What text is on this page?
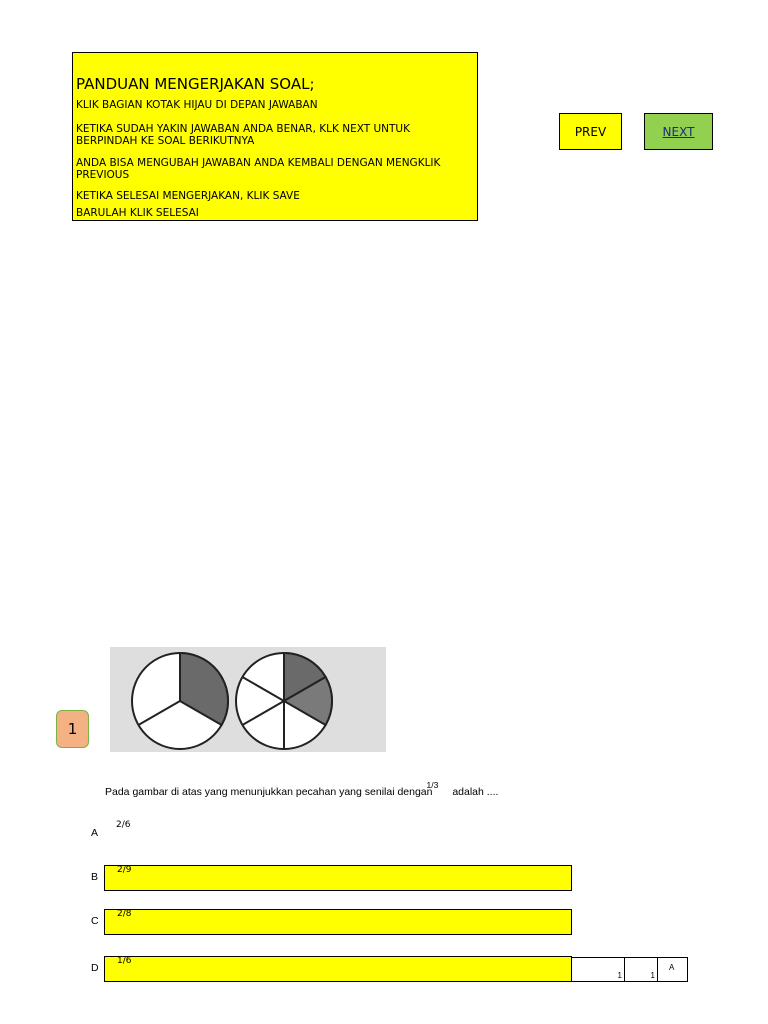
PANDUAN MENGERJAKAN SOAL;
KLIK BAGIAN KOTAK HIJAU DI DEPAN JAWABAN
KETIKA SUDAH YAKIN JAWABAN ANDA BENAR, KLK NEXT UNTUK BERPINDAH KE SOAL BERIKUTNYA
ANDA BISA MENGUBAH JAWABAN ANDA KEMBALI DENGAN MENGKLIK PREVIOUS
KETIKA SELESAI MENGERJAKAN, KLIK SAVE
BARULAH KLIK SELESAI
PREV	NEXT
1
Pada gambar di atas yang menunjukkan pecahan yang senilai dengan$^{1/3}$adalah ....
A
2/6
B
2/9
C
2/8
D
1/6
1	1
A
